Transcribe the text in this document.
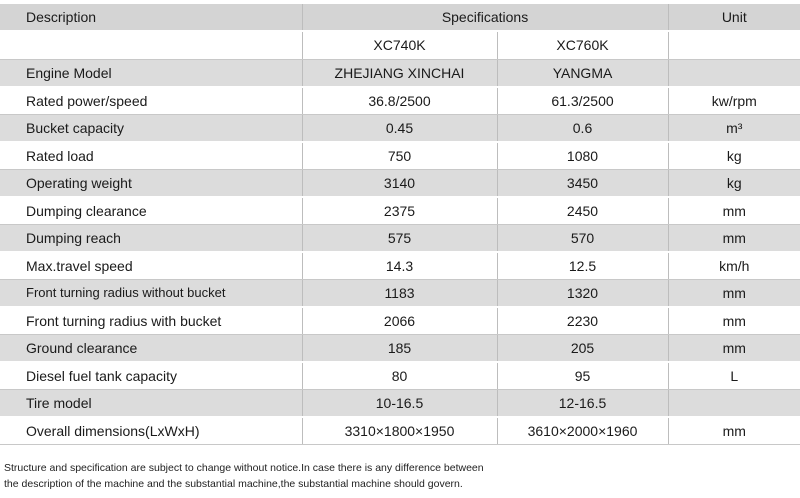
Description	Specifications		Unit
	XC740K	XC760K	
Engine Model	ZHEJIANG XINCHAI	YANGMA	
Rated power/speed	36.8/2500	61.3/2500	kw/rpm
Bucket capacity	0.45	0.6	m³
Rated load	750	1080	kg
Operating weight	3140	3450	kg
Dumping clearance	2375	2450	mm
Dumping reach	575	570	mm
Max.travel speed	14.3	12.5	km/h
Front turning radius without bucket	1183	1320	mm
Front turning radius with bucket	2066	2230	mm
Ground clearance	185	205	mm
Diesel fuel tank capacity	80	95	L
Tire model	10-16.5	12-16.5	
Overall dimensions(LxWxH)	3310×1800×1950	3610×2000×1960	mm
Structure and specification are subject to change without notice.In case there is any difference between
the description of the machine and the substantial machine,the substantial machine should govern.
